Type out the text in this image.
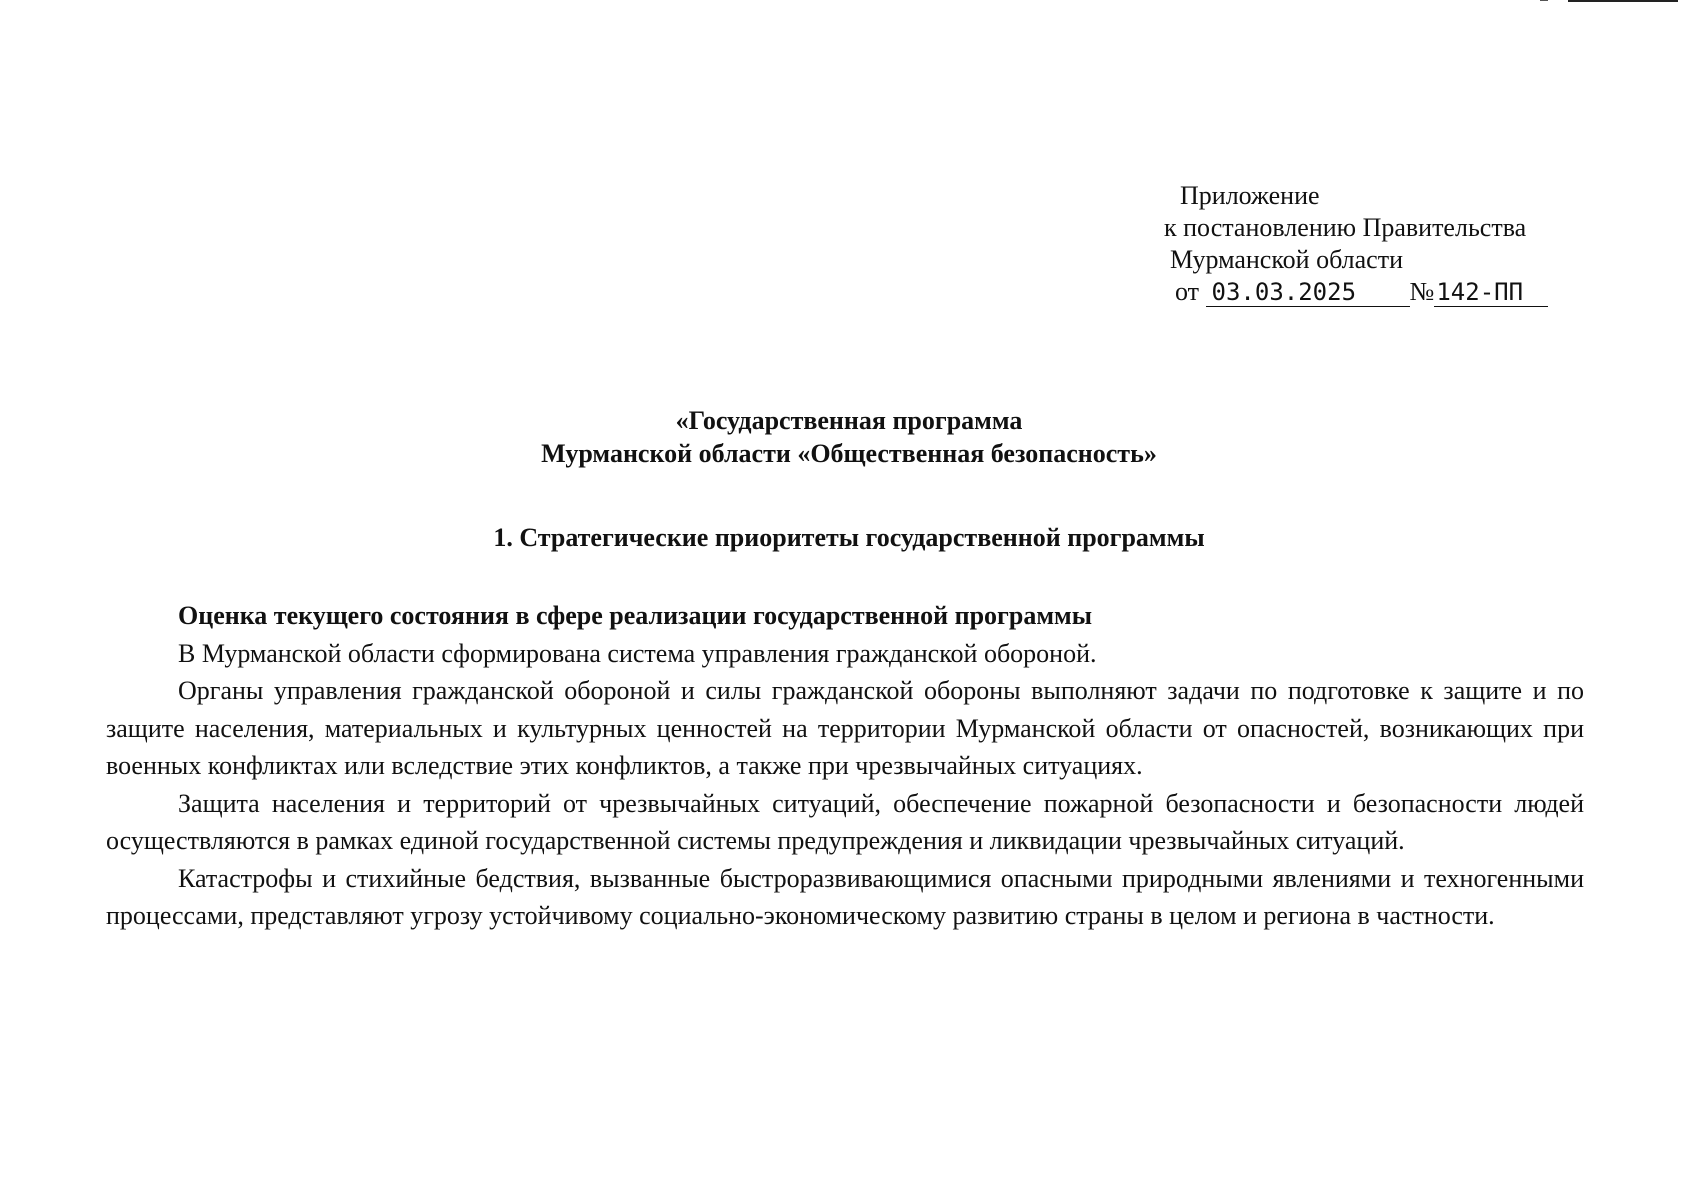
Приложение
к постановлению Правительства
Мурманской области
от 03.03.2025 №142-ПП
«Государственная программа
Мурманской области «Общественная безопасность»
1. Стратегические приоритеты государственной программы
Оценка текущего состояния в сфере реализации государственной программы

В Мурманской области сформирована система управления гражданской обороной.

Органы управления гражданской обороной и силы гражданской обороны выполняют задачи по подготовке к защите и по защите населения, материальных и культурных ценностей на территории Мурманской области от опасностей, возникающих при военных конфликтах или вследствие этих конфликтов, а также при чрезвычайных ситуациях.

Защита населения и территорий от чрезвычайных ситуаций, обеспечение пожарной безопасности и безопасности людей осуществляются в рамках единой государственной системы предупреждения и ликвидации чрезвычайных ситуаций.

Катастрофы и стихийные бедствия, вызванные быстроразвивающимися опасными природными явлениями и техногенными процессами, представляют угрозу устойчивому социально-экономическому развитию страны в целом и региона в частности.
